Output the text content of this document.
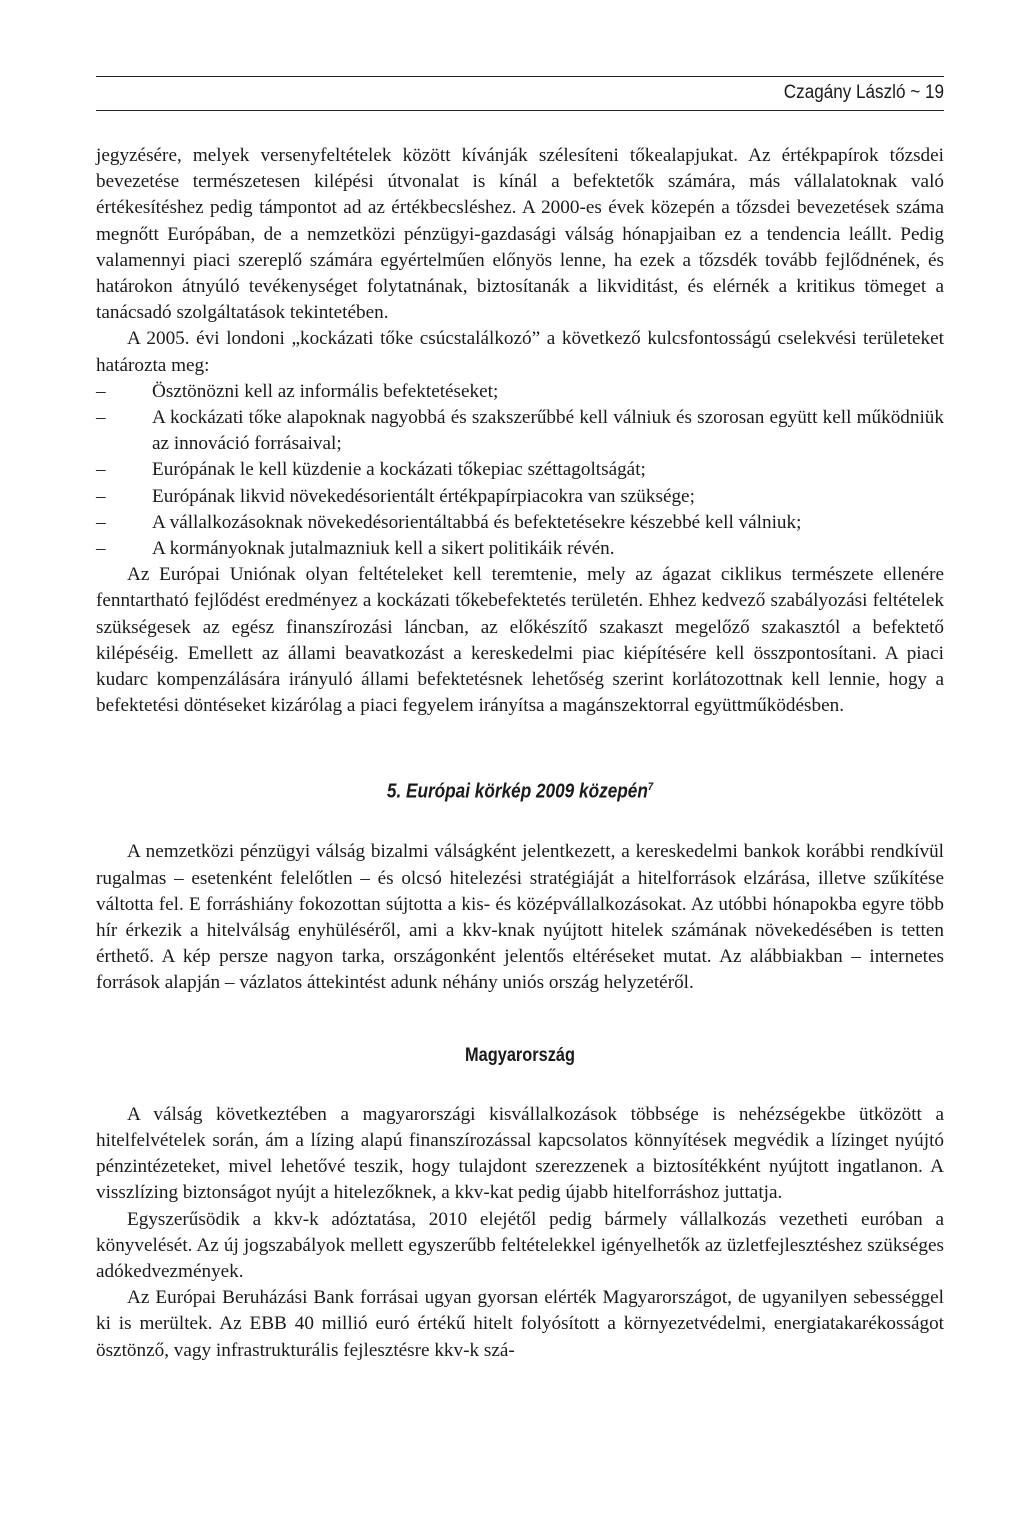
Czagány László ~ 19

jegyzésére, melyek versenyfeltételek között kívánják szélesíteni tőkealapjukat. Az értékpapírok tőzsdei bevezetése természetesen kilépési útvonalat is kínál a befektetők számára, más vállalatoknak való értékesítéshez pedig támpontot ad az értékbecsléshez. A 2000-es évek közepén a tőzsdei bevezetések száma megnőtt Európában, de a nemzetközi pénzügyi-gazdasági válság hónapjaiban ez a tendencia leállt. Pedig valamennyi piaci szereplő számára egyértelműen előnyös lenne, ha ezek a tőzsdék tovább fejlődnének, és határokon átnyúló tevékenységet folytatnának, biztosítanák a likviditást, és elérnék a kritikus tömeget a tanácsadó szolgáltatások tekintetében.

A 2005. évi londoni „kockázati tőke csúcstalálkozó” a következő kulcsfontosságú cselekvési területeket határozta meg:

– Ösztönözni kell az informális befektetéseket;
– A kockázati tőke alapoknak nagyobbá és szakszerűbbé kell válniuk és szorosan együtt kell működniük az innováció forrásaival;
– Európának le kell küzdenie a kockázati tőkepiac széttagoltságát;
– Európának likvid növekedésorientált értékpapírpiacokra van szüksége;
– A vállalkozásoknak növekedésorientáltabbá és befektetésekre készebbé kell válniuk;
– A kormányoknak jutalmazniuk kell a sikert politikáik révén.

Az Európai Uniónak olyan feltételeket kell teremtenie, mely az ágazat ciklikus természete ellenére fenntartható fejlődést eredményez a kockázati tőkebefektetés területén. Ehhez kedvező szabályozási feltételek szükségesek az egész finanszírozási láncban, az előkészítő szakaszt megelőző szakasztól a befektető kilépéséig. Emellett az állami beavatkozást a kereskedelmi piac kiépítésére kell összpontosítani. A piaci kudarc kompenzálására irányuló állami befektetésnek lehetőség szerint korlátozottnak kell lennie, hogy a befektetési döntéseket kizárólag a piaci fegyelem irányítsa a magánszektorral együttműködésben.

5. Európai körkép 2009 közepén$^7$

A nemzetközi pénzügyi válság bizalmi válságként jelentkezett, a kereskedelmi bankok korábbi rendkívül rugalmas – esetenként felelőtlen – és olcsó hitelezési stratégiáját a hitelforrások elzárása, illetve szűkítése váltotta fel. E forráshiány fokozottan sújtotta a kis- és középvállalkozásokat. Az utóbbi hónapokba egyre több hír érkezik a hitelválság enyhüléséről, ami a kkv-knak nyújtott hitelek számának növekedésében is tetten érthető. A kép persze nagyon tarka, országonként jelentős eltéréseket mutat. Az alábbiakban – internetes források alapján – vázlatos áttekintést adunk néhány uniós ország helyzetéről.

Magyarország

A válság következtében a magyarországi kisvállalkozások többsége is nehézségekbe ütközött a hitelfelvételek során, ám a lízing alapú finanszírozással kapcsolatos könnyítések megvédik a lízinget nyújtó pénzintézeteket, mivel lehetővé teszik, hogy tulajdont szerezzenek a biztosítékként nyújtott ingatlanon. A visszlízing biztonságot nyújt a hitelezőknek, a kkv-kat pedig újabb hitelforráshoz juttatja.

Egyszerűsödik a kkv-k adóztatása, 2010 elejétől pedig bármely vállalkozás vezetheti euróban a könyvelését. Az új jogszabályok mellett egyszerűbb feltételekkel igényelhetők az üzletfejlesztéshez szükséges adókedvezmények.

Az Európai Beruházási Bank forrásai ugyan gyorsan elérték Magyarországot, de ugyanilyen sebességgel ki is merültek. Az EBB 40 millió euró értékű hitelt folyósított a környezetvédelmi, energiatakarékosságot ösztönző, vagy infrastrukturális fejlesztésre kkv-k szá-
